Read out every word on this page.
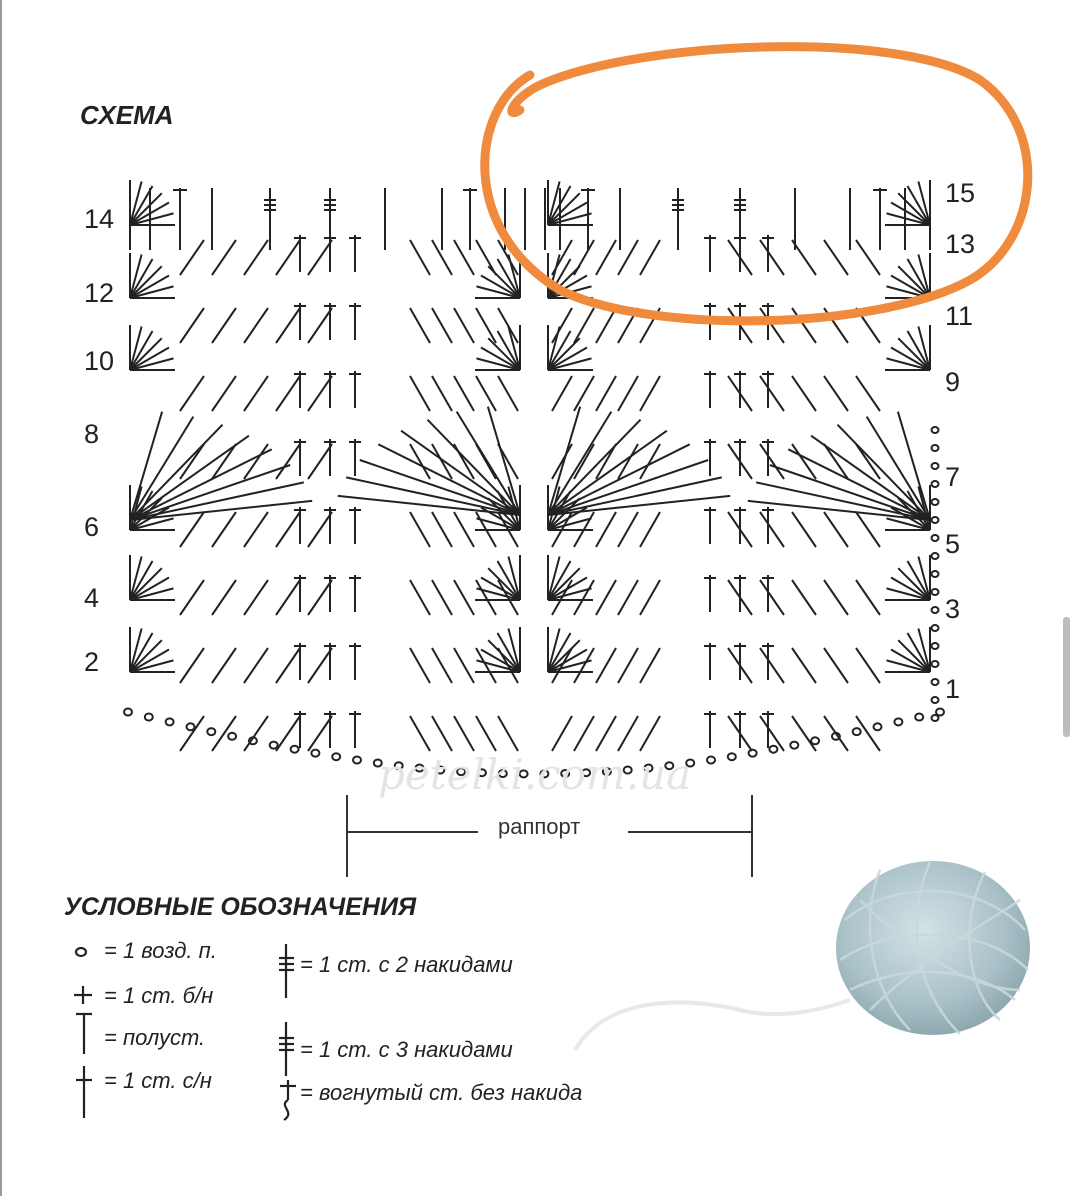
СХЕМА
petelki.com.ua
раппорт
14
12
10
8
6
4
2
15
13
11
9
7
5
3
1
УСЛОВНЫЕ ОБОЗНАЧЕНИЯ
= 1 возд. п.
= 1 ст. б/н
= полуст.
= 1 ст. с/н
= 1 ст. с 2 накидами
= 1 ст. с 3 накидами
= вогнутый ст. без накида
